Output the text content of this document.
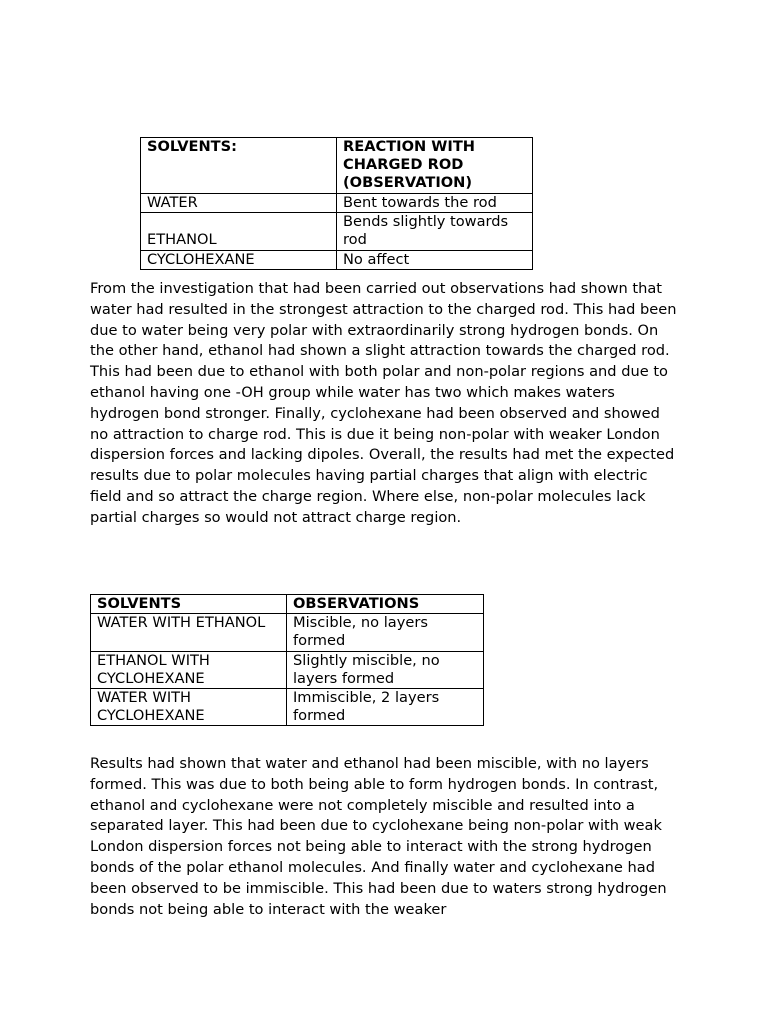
SOLVENTS:	REACTION WITH CHARGED ROD (OBSERVATION)
WATER	Bent towards the rod
ETHANOL	Bends slightly towards rod
CYCLOHEXANE	No affect

From the investigation that had been carried out observations had shown that water had resulted in the strongest attraction to the charged rod. This had been due to water being very polar with extraordinarily strong hydrogen bonds. On the other hand, ethanol had shown a slight attraction towards the charged rod. This had been due to ethanol with both polar and non-polar regions and due to ethanol having one -OH group while water has two which makes waters hydrogen bond stronger. Finally, cyclohexane had been observed and showed no attraction to charge rod. This is due it being non-polar with weaker London dispersion forces and lacking dipoles. Overall, the results had met the expected results due to polar molecules having partial charges that align with electric field and so attract the charge region. Where else, non-polar molecules lack partial charges so would not attract charge region.

SOLVENTS	OBSERVATIONS
WATER WITH ETHANOL	Miscible, no layers formed
ETHANOL WITH CYCLOHEXANE	Slightly miscible, no layers formed
WATER WITH CYCLOHEXANE	Immiscible, 2 layers formed

Results had shown that water and ethanol had been miscible, with no layers formed. This was due to both being able to form hydrogen bonds. In contrast, ethanol and cyclohexane were not completely miscible and resulted into a separated layer. This had been due to cyclohexane being non-polar with weak London dispersion forces not being able to interact with the strong hydrogen bonds of the polar ethanol molecules. And finally water and cyclohexane had been observed to be immiscible. This had been due to waters strong hydrogen bonds not being able to interact with the weaker
